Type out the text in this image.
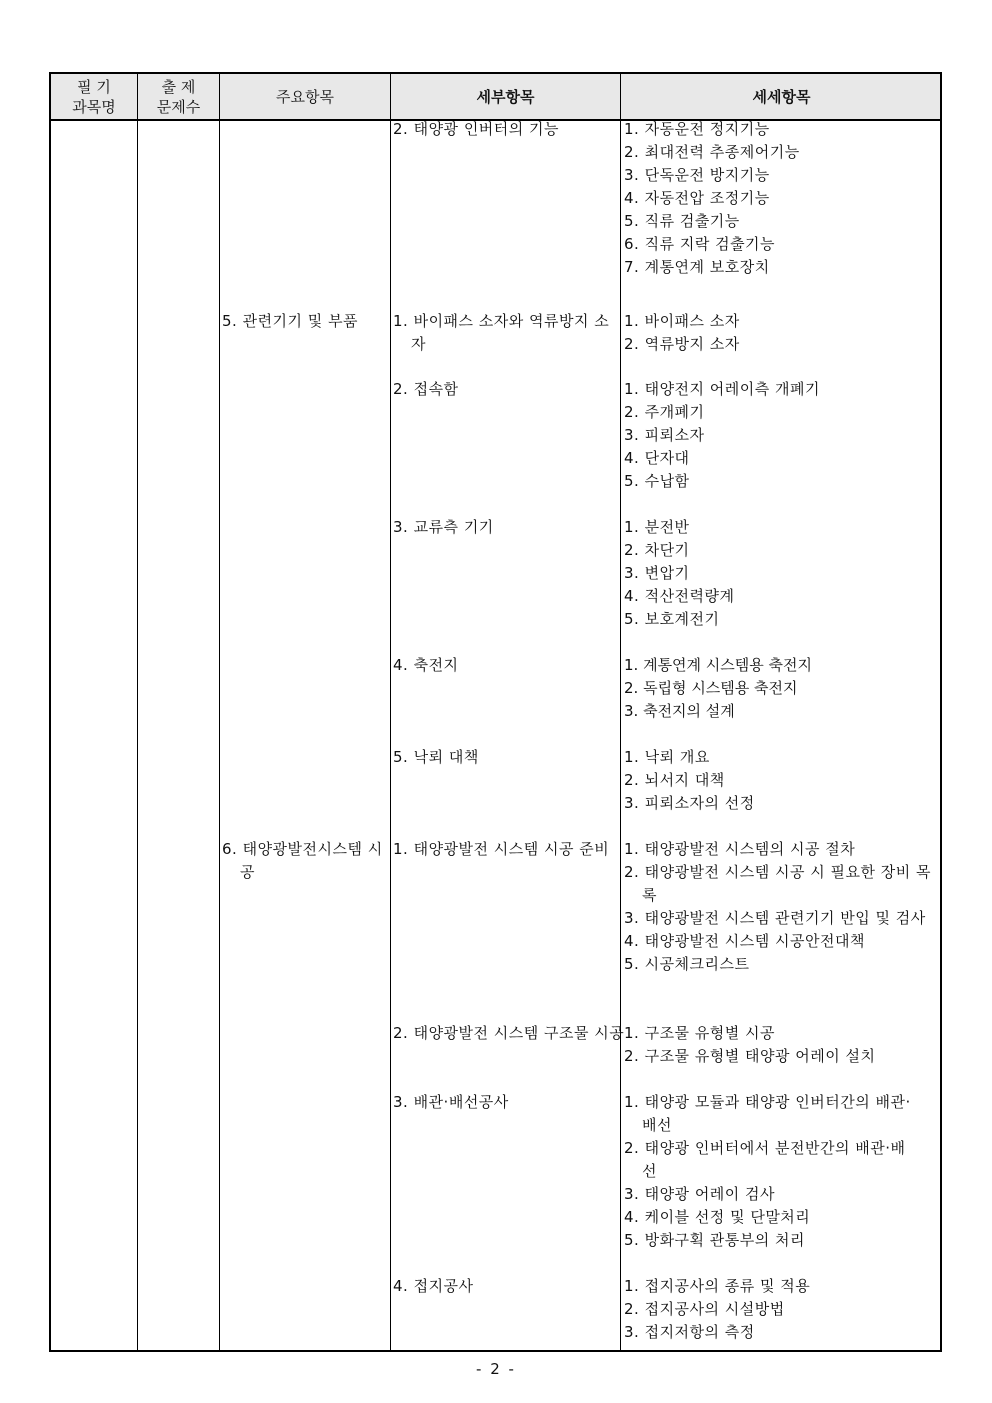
필 기
과목명
출 제
문제수
주요항목	세부항목	세세항목
5. 관련기기 및 부품
6. 태양광발전시스템 시공
2. 태양광 인버터의 기능
1. 바이패스 소자와 역류방지 소자
2. 접속함
3. 교류측 기기
4. 축전지
5. 낙뢰 대책
1. 태양광발전 시스템 시공 준비
2. 태양광발전 시스템 구조물 시공
3. 배관·배선공사
4. 접지공사
1. 자동운전 정지기능
2. 최대전력 추종제어기능
3. 단독운전 방지기능
4. 자동전압 조정기능
5. 직류 검출기능
6. 직류 지락 검출기능
7. 계통연계 보호장치
1. 바이패스 소자
2. 역류방지 소자
1. 태양전지 어레이측 개폐기
2. 주개폐기
3. 피뢰소자
4. 단자대
5. 수납함
1. 분전반
2. 차단기
3. 변압기
4. 적산전력량계
5. 보호계전기
1. 계통연계 시스템용 축전지
2. 독립형 시스템용 축전지
3. 축전지의 설계
1. 낙뢰 개요
2. 뇌서지 대책
3. 피뢰소자의 선정
1. 태양광발전 시스템의 시공 절차
2. 태양광발전 시스템 시공 시 필요한 장비 목록
3. 태양광발전 시스템 관련기기 반입 및 검사
4. 태양광발전 시스템 시공안전대책
5. 시공체크리스트
1. 구조물 유형별 시공
2. 구조물 유형별 태양광 어레이 설치
1. 태양광 모듈과 태양광 인버터간의 배관·배선
2. 태양광 인버터에서 분전반간의 배관·배선
3. 태양광 어레이 검사
4. 케이블 선정 및 단말처리
5. 방화구획 관통부의 처리
1. 접지공사의 종류 및 적용
2. 접지공사의 시설방법
3. 접지저항의 측정
- 2 -
